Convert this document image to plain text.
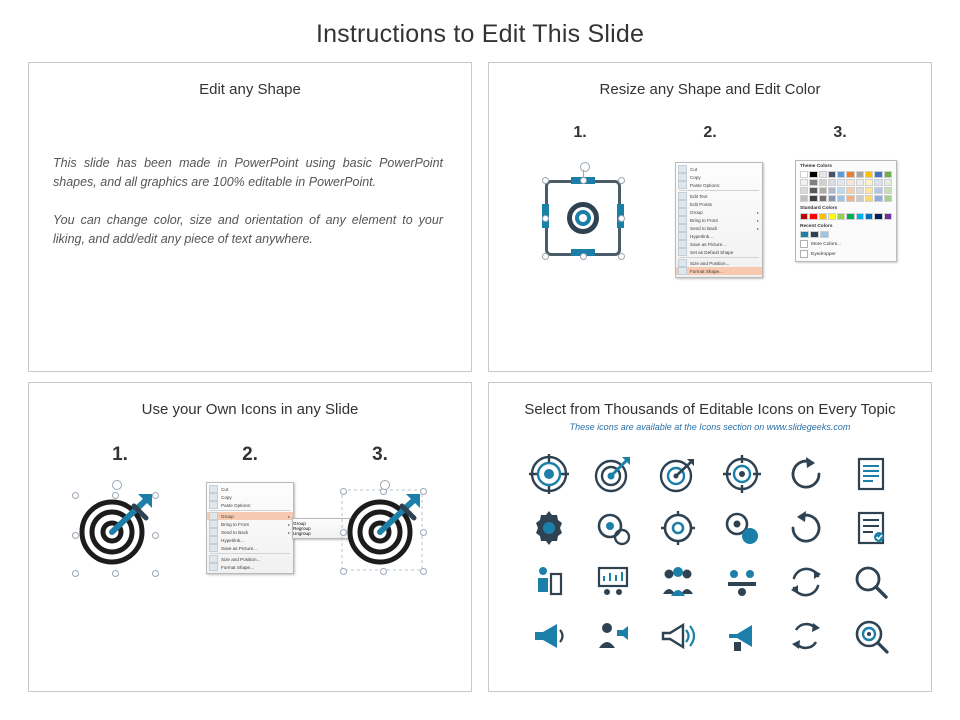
Instructions to Edit This Slide
Edit any Shape
This slide has been made in PowerPoint using basic PowerPoint shapes, and all graphics are 100% editable in PowerPoint.
You can change color, size and orientation of any element to your liking, and add/edit any piece of text anywhere.
Resize any Shape and Edit Color
1.	2.	3.
Cut
Copy
Paste Options:
Edit Text
Edit Points
Group	▸
Bring to Front	▸
Send to Back	▸
Hyperlink...
Save as Picture...
Set as Default Shape
Size and Position...
Format Shape...
Theme Colors
Standard Colors
Recent Colors
More Colors...
Eyedropper
Use your Own Icons in any Slide
1.	2.	3.
Cut
Copy
Paste Options:
Group	▸
Bring to Front	▸
Send to Back	▸
Hyperlink...
Save as Picture...
Size and Position...
Format Shape...
Group
Regroup
Ungroup
Select from Thousands of Editable Icons on Every Topic
These icons are available at the Icons section on www.slidegeeks.com
